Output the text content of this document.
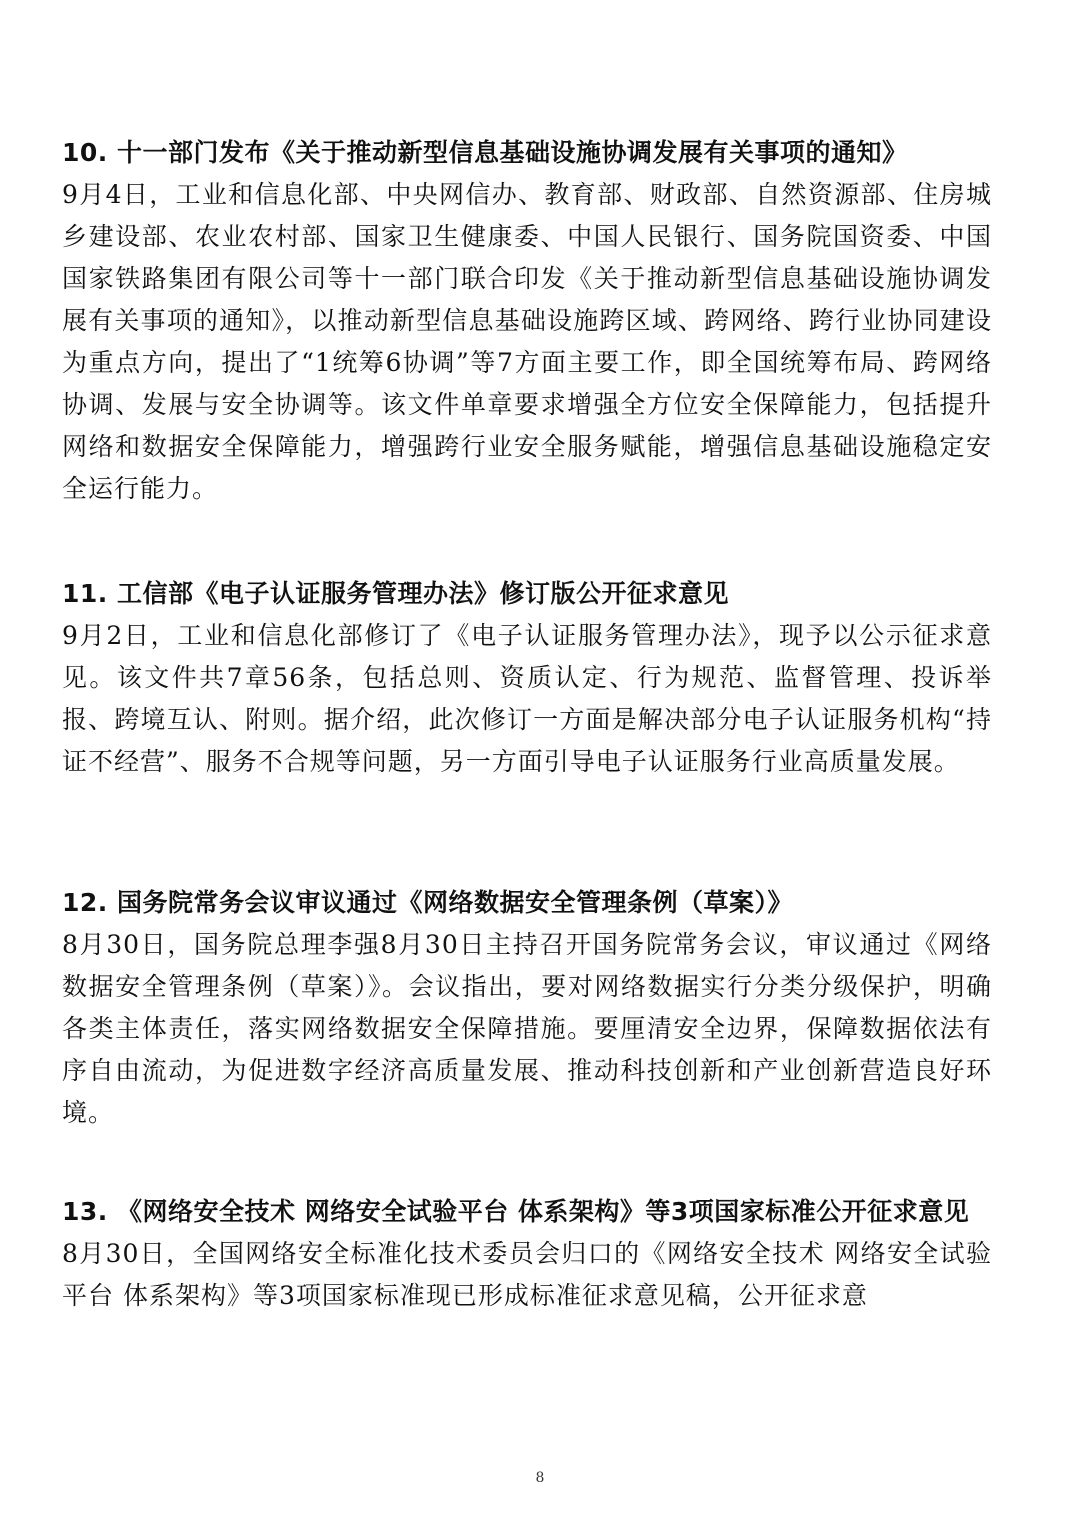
10. 十一部门发布《关于推动新型信息基础设施协调发展有关事项的通知》

9月4日，工业和信息化部、中央网信办、教育部、财政部、自然资源部、住房城乡建设部、农业农村部、国家卫生健康委、中国人民银行、国务院国资委、中国国家铁路集团有限公司等十一部门联合印发《关于推动新型信息基础设施协调发展有关事项的通知》，以推动新型信息基础设施跨区域、跨网络、跨行业协同建设为重点方向，提出了“1统筹6协调”等7方面主要工作，即全国统筹布局、跨网络协调、发展与安全协调等。该文件单章要求增强全方位安全保障能力，包括提升网络和数据安全保障能力，增强跨行业安全服务赋能，增强信息基础设施稳定安全运行能力。

11. 工信部《电子认证服务管理办法》修订版公开征求意见

9月2日，工业和信息化部修订了《电子认证服务管理办法》，现予以公示征求意见。该文件共7章56条，包括总则、资质认定、行为规范、监督管理、投诉举报、跨境互认、附则。据介绍，此次修订一方面是解决部分电子认证服务机构“持证不经营”、服务不合规等问题，另一方面引导电子认证服务行业高质量发展。

12. 国务院常务会议审议通过《网络数据安全管理条例（草案）》

8月30日，国务院总理李强8月30日主持召开国务院常务会议，审议通过《网络数据安全管理条例（草案）》。会议指出，要对网络数据实行分类分级保护，明确各类主体责任，落实网络数据安全保障措施。要厘清安全边界，保障数据依法有序自由流动，为促进数字经济高质量发展、推动科技创新和产业创新营造良好环境。

13. 《网络安全技术 网络安全试验平台 体系架构》等3项国家标准公开征求意见

8月30日，全国网络安全标准化技术委员会归口的《网络安全技术 网络安全试验平台 体系架构》等3项国家标准现已形成标准征求意见稿，公开征求意

8
